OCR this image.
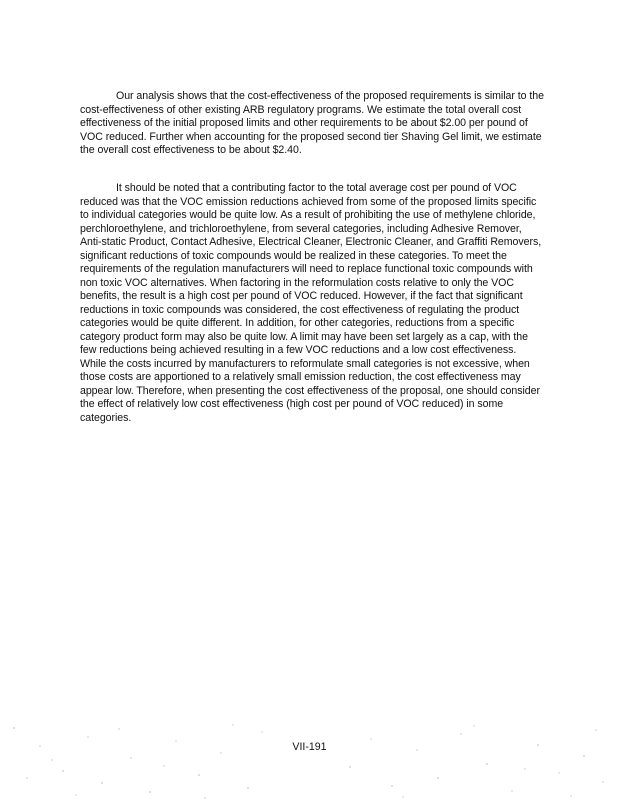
Our analysis shows that the cost-effectiveness of the proposed requirements is similar to the cost-effectiveness of other existing ARB regulatory programs. We estimate the total overall cost effectiveness of the initial proposed limits and other requirements to be about $2.00 per pound of VOC reduced. Further when accounting for the proposed second tier Shaving Gel limit, we estimate the overall cost effectiveness to be about $2.40.

It should be noted that a contributing factor to the total average cost per pound of VOC reduced was that the VOC emission reductions achieved from some of the proposed limits specific to individual categories would be quite low. As a result of prohibiting the use of methylene chloride, perchloroethylene, and trichloroethylene, from several categories, including Adhesive Remover, Anti-static Product, Contact Adhesive, Electrical Cleaner, Electronic Cleaner, and Graffiti Removers, significant reductions of toxic compounds would be realized in these categories. To meet the requirements of the regulation manufacturers will need to replace functional toxic compounds with non toxic VOC alternatives. When factoring in the reformulation costs relative to only the VOC benefits, the result is a high cost per pound of VOC reduced. However, if the fact that significant reductions in toxic compounds was considered, the cost effectiveness of regulating the product categories would be quite different. In addition, for other categories, reductions from a specific category product form may also be quite low. A limit may have been set largely as a cap, with the few reductions being achieved resulting in a few VOC reductions and a low cost effectiveness. While the costs incurred by manufacturers to reformulate small categories is not excessive, when those costs are apportioned to a relatively small emission reduction, the cost effectiveness may appear low. Therefore, when presenting the cost effectiveness of the proposal, one should consider the effect of relatively low cost effectiveness (high cost per pound of VOC reduced) in some categories.

VII-191
